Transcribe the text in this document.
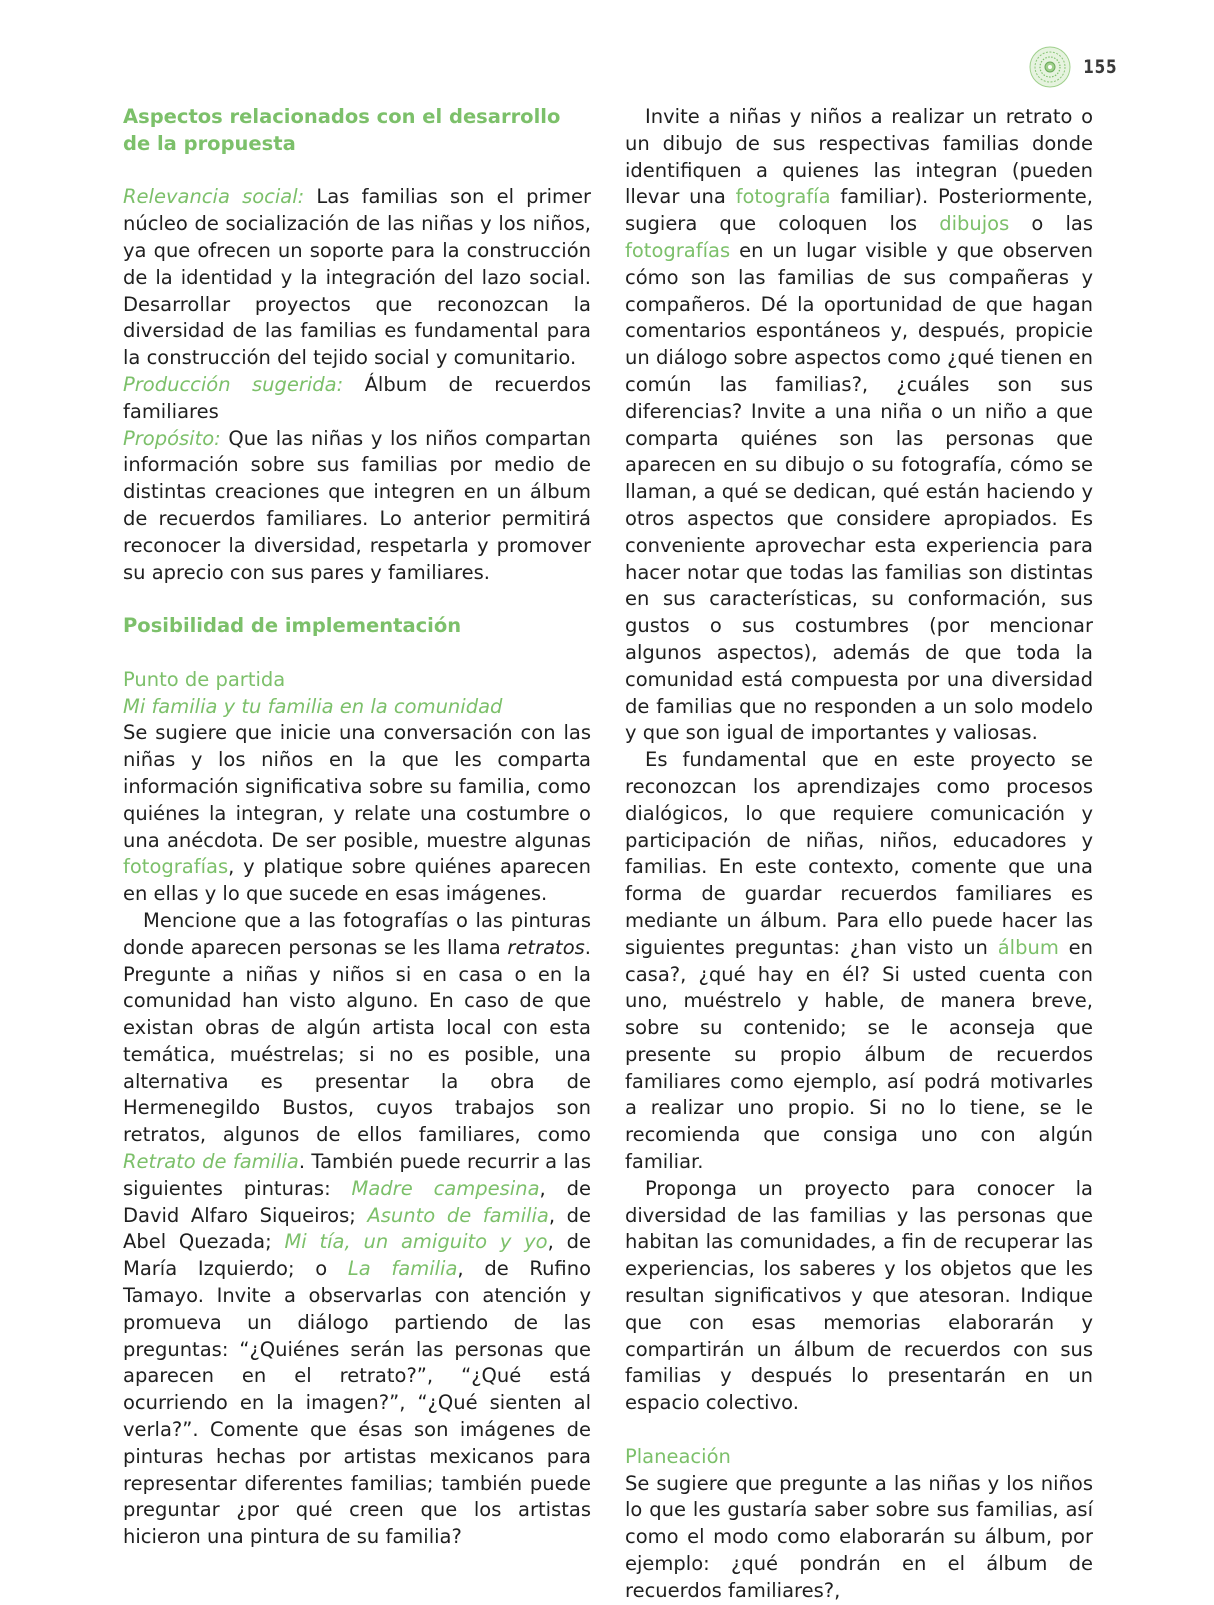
155

Aspectos relacionados con el desarrollo de la propuesta

Relevancia social: Las familias son el primer núcleo de socialización de las niñas y los niños, ya que ofrecen un soporte para la construcción de la identidad y la integración del lazo social. Desarrollar proyectos que reconozcan la diversidad de las familias es fundamental para la construcción del tejido social y comunitario.

Producción sugerida: Álbum de recuerdos familiares

Propósito: Que las niñas y los niños compartan información sobre sus familias por medio de distintas creaciones que integren en un álbum de recuerdos familiares. Lo anterior permitirá reconocer la diversidad, respetarla y promover su aprecio con sus pares y familiares.

Posibilidad de implementación

Punto de partida

Mi familia y tu familia en la comunidad

Se sugiere que inicie una conversación con las niñas y los niños en la que les comparta información significativa sobre su familia, como quiénes la integran, y relate una costumbre o una anécdota. De ser posible, muestre algunas fotografías, y platique sobre quiénes aparecen en ellas y lo que sucede en esas imágenes.

Mencione que a las fotografías o las pinturas donde aparecen personas se les llama retratos. Pregunte a niñas y niños si en casa o en la comunidad han visto alguno. En caso de que existan obras de algún artista local con esta temática, muéstrelas; si no es posible, una alternativa es presentar la obra de Hermenegildo Bustos, cuyos trabajos son retratos, algunos de ellos familiares, como Retrato de familia. También puede recurrir a las siguientes pinturas: Madre campesina, de David Alfaro Siqueiros; Asunto de familia, de Abel Quezada; Mi tía, un amiguito y yo, de María Izquierdo; o La familia, de Rufino Tamayo. Invite a observarlas con atención y promueva un diálogo partiendo de las preguntas: “¿Quiénes serán las personas que aparecen en el retrato?”, “¿Qué está ocurriendo en la imagen?”, “¿Qué sienten al verla?”. Comente que ésas son imágenes de pinturas hechas por artistas mexicanos para representar diferentes familias; también puede preguntar ¿por qué creen que los artistas hicieron una pintura de su familia?

Invite a niñas y niños a realizar un retrato o un dibujo de sus respectivas familias donde identifiquen a quienes las integran (pueden llevar una fotografía familiar). Posteriormente, sugiera que coloquen los dibujos o las fotografías en un lugar visible y que observen cómo son las familias de sus compañeras y compañeros. Dé la oportunidad de que hagan comentarios espontáneos y, después, propicie un diálogo sobre aspectos como ¿qué tienen en común las familias?, ¿cuáles son sus diferencias? Invite a una niña o un niño a que comparta quiénes son las personas que aparecen en su dibujo o su fotografía, cómo se llaman, a qué se dedican, qué están haciendo y otros aspectos que considere apropiados. Es conveniente aprovechar esta experiencia para hacer notar que todas las familias son distintas en sus características, su conformación, sus gustos o sus costumbres (por mencionar algunos aspectos), además de que toda la comunidad está compuesta por una diversidad de familias que no responden a un solo modelo y que son igual de importantes y valiosas.

Es fundamental que en este proyecto se reconozcan los aprendizajes como procesos dialógicos, lo que requiere comunicación y participación de niñas, niños, educadores y familias. En este contexto, comente que una forma de guardar recuerdos familiares es mediante un álbum. Para ello puede hacer las siguientes preguntas: ¿han visto un álbum en casa?, ¿qué hay en él? Si usted cuenta con uno, muéstrelo y hable, de manera breve, sobre su contenido; se le aconseja que presente su propio álbum de recuerdos familiares como ejemplo, así podrá motivarles a realizar uno propio. Si no lo tiene, se le recomienda que consiga uno con algún familiar.

Proponga un proyecto para conocer la diversidad de las familias y las personas que habitan las comunidades, a fin de recuperar las experiencias, los saberes y los objetos que les resultan significativos y que atesoran. Indique que con esas memorias elaborarán y compartirán un álbum de recuerdos con sus familias y después lo presentarán en un espacio colectivo.

Planeación

Se sugiere que pregunte a las niñas y los niños lo que les gustaría saber sobre sus familias, así como el modo como elaborarán su álbum, por ejemplo: ¿qué pondrán en el álbum de recuerdos familiares?,
